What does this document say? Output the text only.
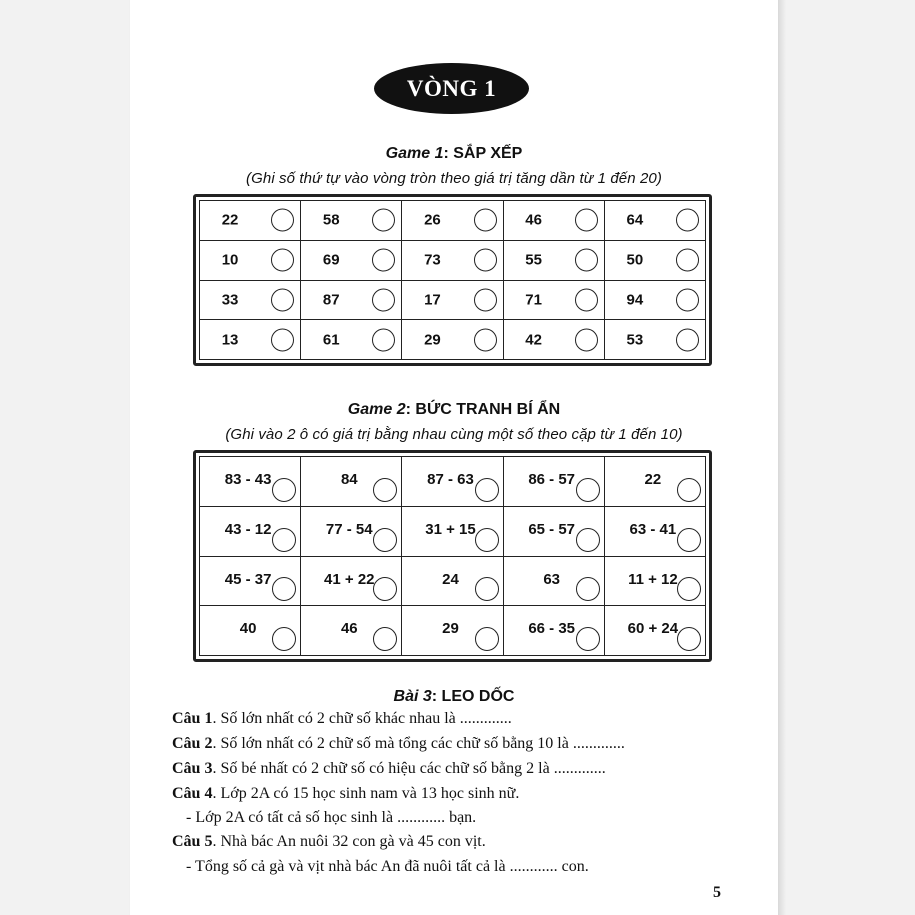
VÒNG 1
Game 1: SẮP XẾP
(Ghi số thứ tự vào vòng tròn theo giá trị tăng dần từ 1 đến 20)
22	58	26	46	64
10	69	73	55	50
33	87	17	71	94
13	61	29	42	53
Game 2: BỨC TRANH BÍ ẨN
(Ghi vào 2 ô có giá trị bằng nhau cùng một số theo cặp từ 1 đến 10)
83 - 43	84	87 - 63	86 - 57	22
43 - 12	77 - 54	31 + 15	65 - 57	63 - 41
45 - 37	41 + 22	24	63	11 + 12
40	46	29	66 - 35	60 + 24
Bài 3: LEO DỐC
Câu 1. Số lớn nhất có 2 chữ số khác nhau là .............
Câu 2. Số lớn nhất có 2 chữ số mà tổng các chữ số bằng 10 là .............
Câu 3. Số bé nhất có 2 chữ số có hiệu các chữ số bằng 2 là .............
Câu 4. Lớp 2A có 15 học sinh nam và 13 học sinh nữ.
- Lớp 2A có tất cả số học sinh là ............ bạn.
Câu 5. Nhà bác An nuôi 32 con gà và 45 con vịt.
- Tổng số cả gà và vịt nhà bác An đã nuôi tất cả là ............ con.
5
